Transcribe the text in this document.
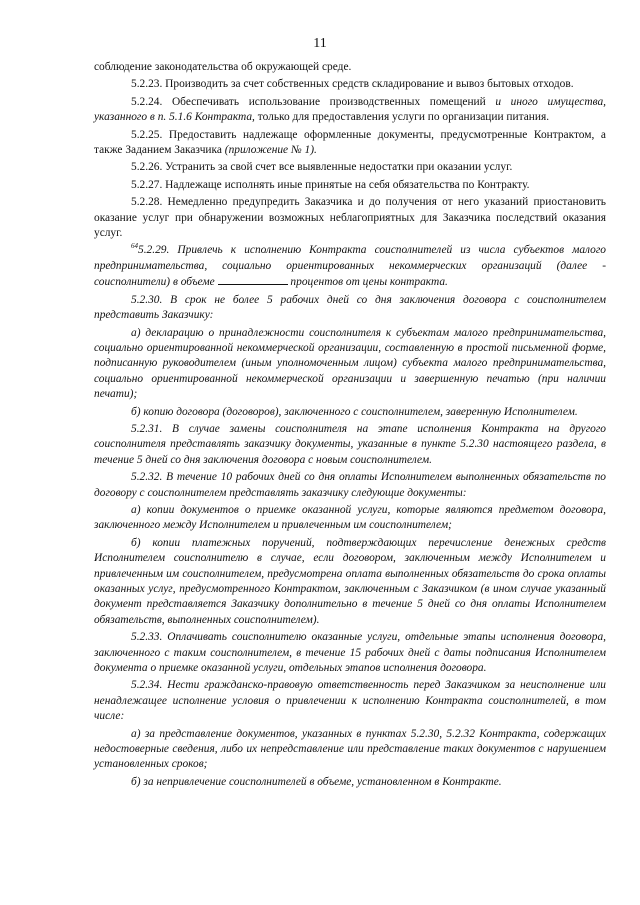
11

соблюдение законодательства об окружающей среде.

5.2.23. Производить за счет собственных средств складирование и вывоз бытовых отходов.

5.2.24. Обеспечивать использование производственных помещений и иного имущества, указанного в п. 5.1.6 Контракта, только для предоставления услуги по организации питания.

5.2.25. Предоставить надлежаще оформленные документы, предусмотренные Контрактом, а также Заданием Заказчика (приложение № 1).

5.2.26. Устранить за свой счет все выявленные недостатки при оказании услуг.

5.2.27. Надлежаще исполнять иные принятые на себя обязательства по Контракту.

5.2.28. Немедленно предупредить Заказчика и до получения от него указаний приостановить оказание услуг при обнаружении возможных неблагоприятных для Заказчика последствий оказания услуг.

$^{64}$5.2.29. Привлечь к исполнению Контракта соисполнителей из числа субъектов малого предпринимательства, социально ориентированных некоммерческих организаций (далее - соисполнители) в объеме	процентов от цены контракта.

5.2.30. В срок не более 5 рабочих дней со дня заключения договора с соисполнителем представить Заказчику:

а) декларацию о принадлежности соисполнителя к субъектам малого предпринимательства, социально ориентированной некоммерческой организации, составленную в простой письменной форме, подписанную руководителем (иным уполномоченным лицом) субъекта малого предпринимательства, социально ориентированной некоммерческой организации и завершенную печатью (при наличии печати);

б) копию договора (договоров), заключенного с соисполнителем, заверенную Исполнителем.

5.2.31. В случае замены соисполнителя на этапе исполнения Контракта на другого соисполнителя представлять заказчику документы, указанные в пункте 5.2.30 настоящего раздела, в течение 5 дней со дня заключения договора с новым соисполнителем.

5.2.32. В течение 10 рабочих дней со дня оплаты Исполнителем выполненных обязательств по договору с соисполнителем представлять заказчику следующие документы:

а) копии документов о приемке оказанной услуги, которые являются предметом договора, заключенного между Исполнителем и привлеченным им соисполнителем;

б) копии платежных поручений, подтверждающих перечисление денежных средств Исполнителем соисполнителю в случае, если договором, заключенным между Исполнителем и привлеченным им соисполнителем, предусмотрена оплата выполненных обязательств до срока оплаты оказанных услуг, предусмотренного Контрактом, заключенным с Заказчиком (в ином случае указанный документ представляется Заказчику дополнительно в течение 5 дней со дня оплаты Исполнителем обязательств, выполненных соисполнителем).

5.2.33. Оплачивать соисполнителю оказанные услуги, отдельные этапы исполнения договора, заключенного с таким соисполнителем, в течение 15 рабочих дней с даты подписания Исполнителем документа о приемке оказанной услуги, отдельных этапов исполнения договора.

5.2.34. Нести гражданско-правовую ответственность перед Заказчиком за неисполнение или ненадлежащее исполнение условия о привлечении к исполнению Контракта соисполнителей, в том числе:

а) за представление документов, указанных в пунктах 5.2.30, 5.2.32 Контракта, содержащих недостоверные сведения, либо их непредставление или представление таких документов с нарушением установленных сроков;

б) за непривлечение соисполнителей в объеме, установленном в Контракте.
